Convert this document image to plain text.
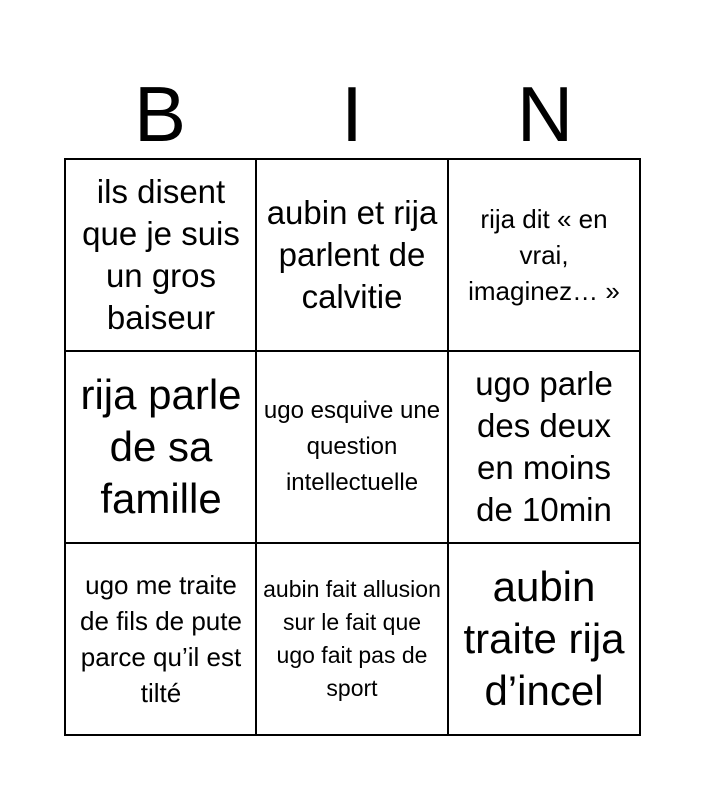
B	I	N
ils disent que je suis un gros baiseur
aubin et rija parlent de calvitie
rija dit « en vrai, imaginez… »
rija parle de sa famille
ugo esquive une question intellectuelle
ugo parle des deux en moins de 10min
ugo me traite de fils de pute parce qu’il est tilté
aubin fait allusion sur le fait que ugo fait pas de sport
aubin traite rija d’incel
